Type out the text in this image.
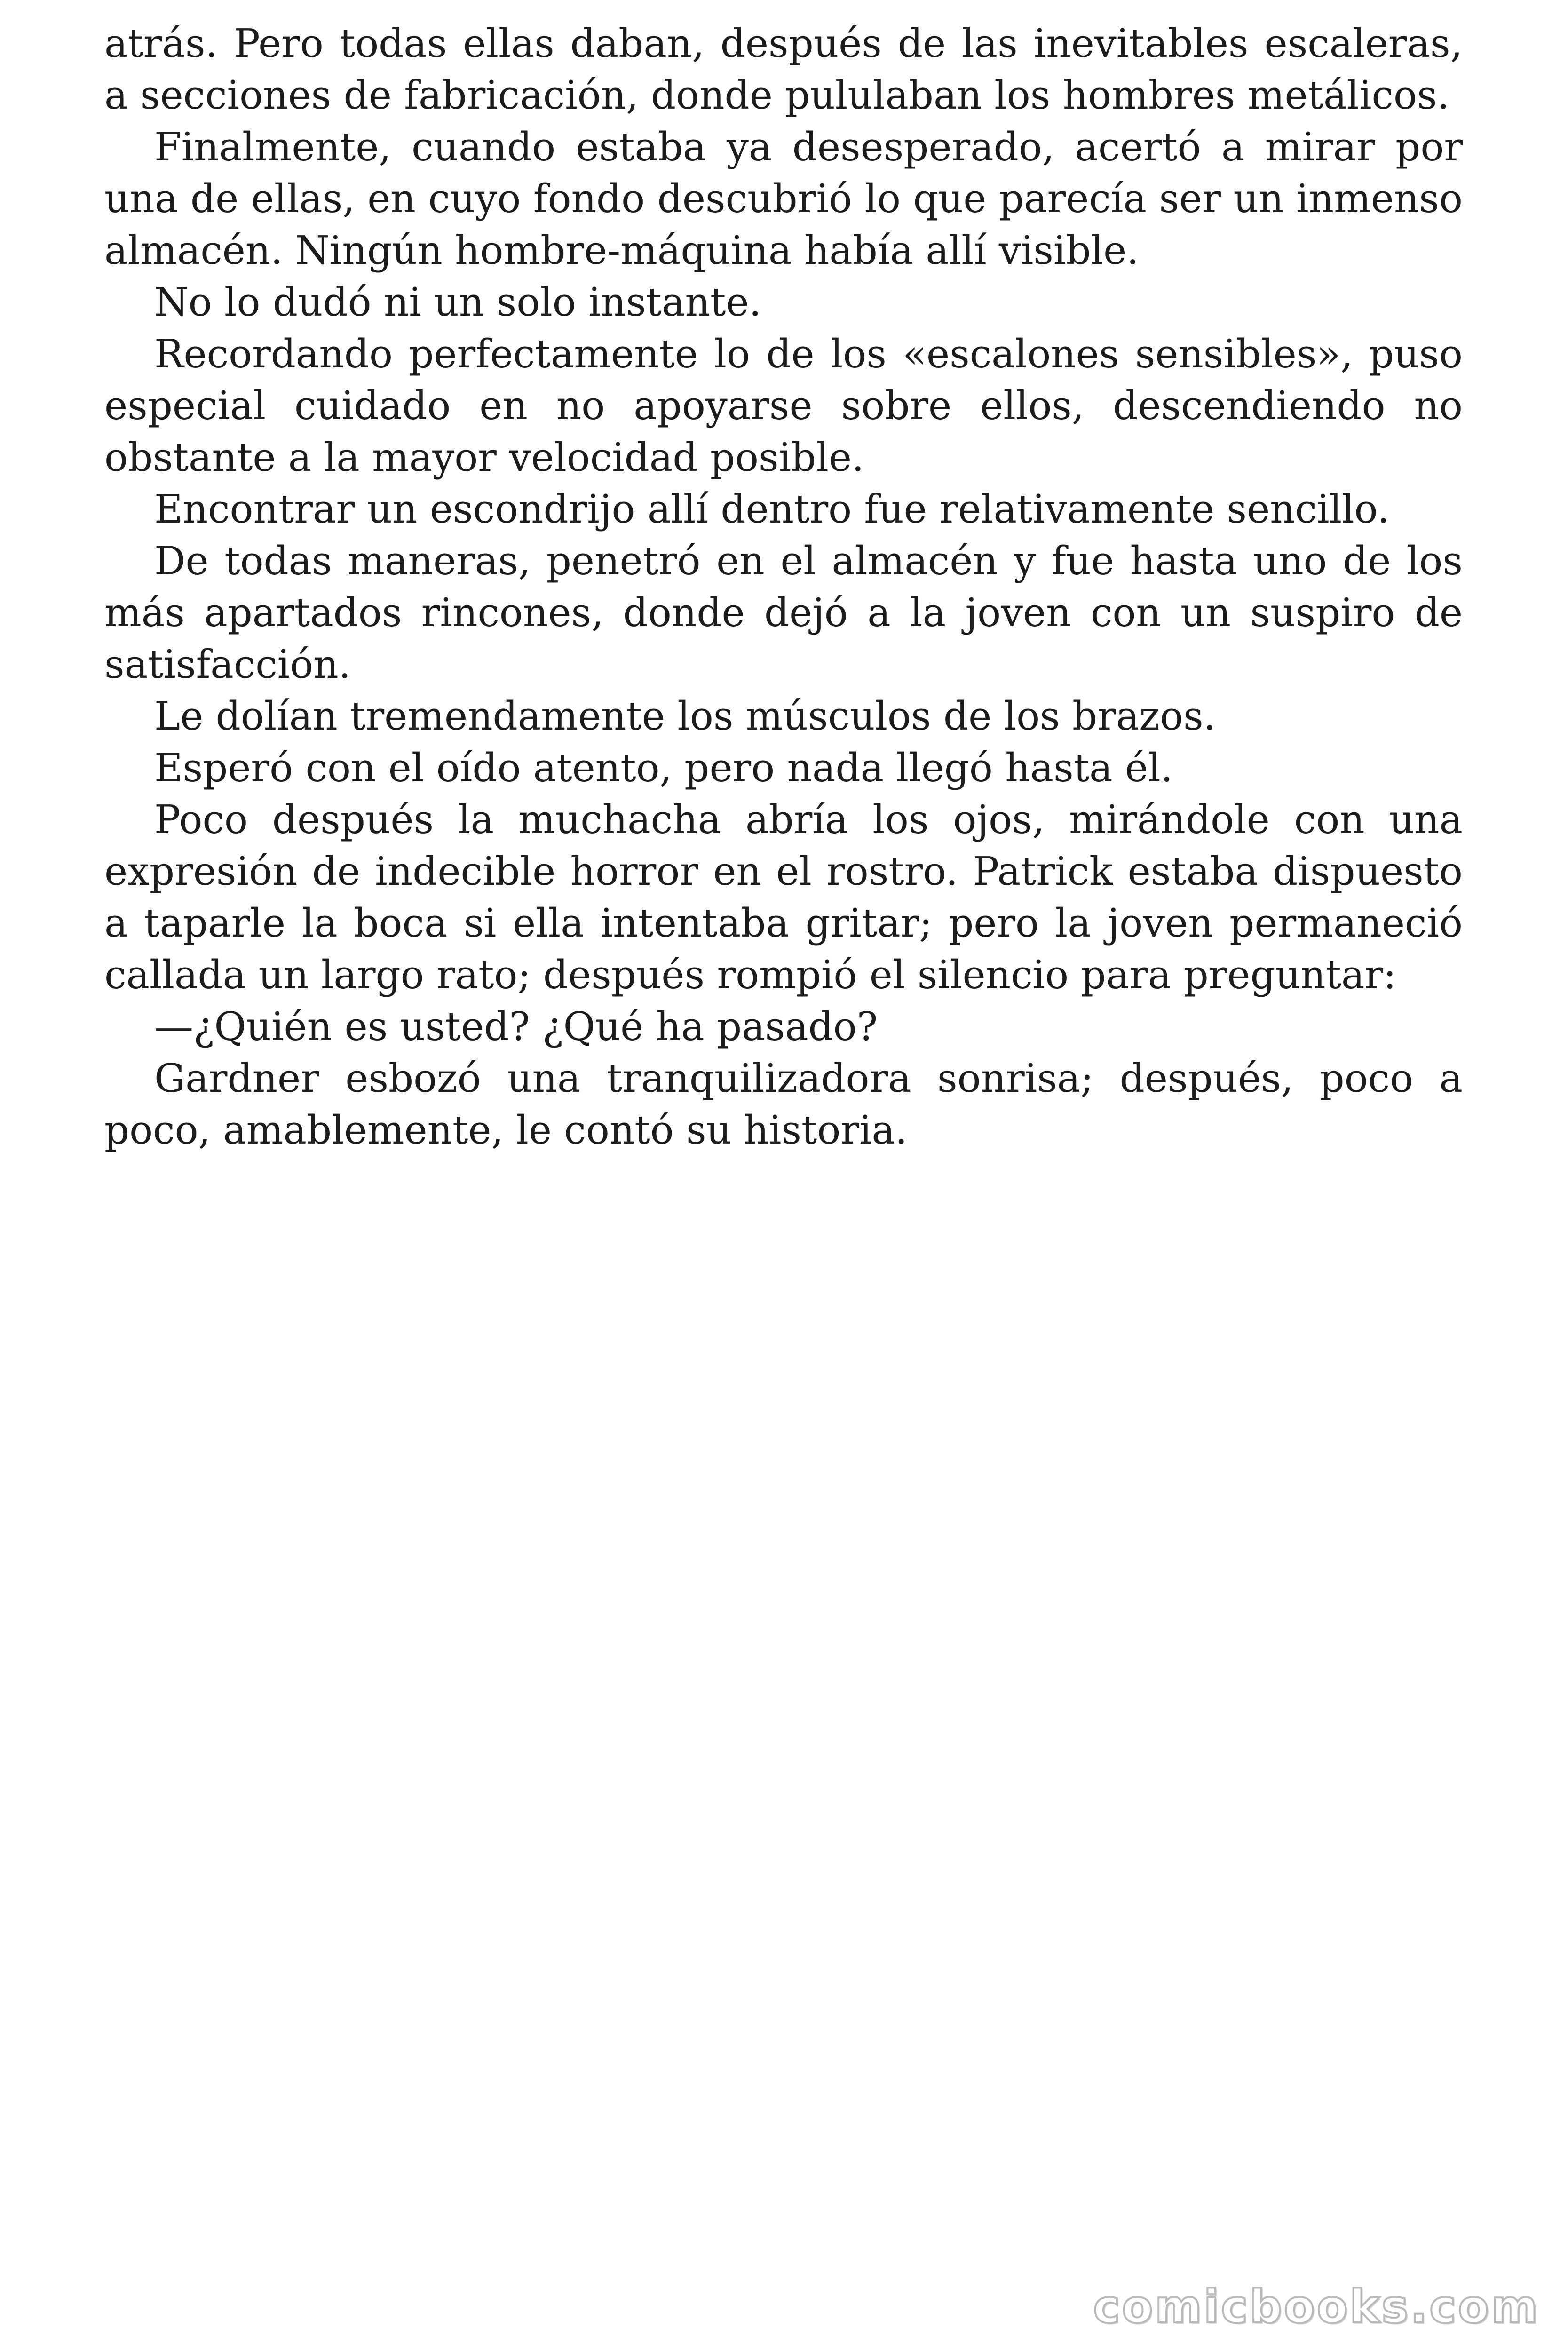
atrás. Pero todas ellas daban, después de las inevitables escaleras, a secciones de fabricación, donde pululaban los hombres metálicos.

Finalmente, cuando estaba ya desesperado, acertó a mirar por una de ellas, en cuyo fondo descubrió lo que parecía ser un inmenso almacén. Ningún hombre-máquina había allí visible.

No lo dudó ni un solo instante.

Recordando perfectamente lo de los «escalones sensibles», puso especial cuidado en no apoyarse sobre ellos, descendiendo no obstante a la mayor velocidad posible.

Encontrar un escondrijo allí dentro fue relativamente sencillo.

De todas maneras, penetró en el almacén y fue hasta uno de los más apartados rincones, donde dejó a la joven con un suspiro de satisfacción.

Le dolían tremendamente los músculos de los brazos.

Esperó con el oído atento, pero nada llegó hasta él.

Poco después la muchacha abría los ojos, mirándole con una expresión de indecible horror en el rostro. Patrick estaba dispuesto a taparle la boca si ella intentaba gritar; pero la joven permaneció callada un largo rato; después rompió el silencio para preguntar:

—¿Quién es usted? ¿Qué ha pasado?

Gardner esbozó una tranquilizadora sonrisa; después, poco a poco, amablemente, le contó su historia.

comicbooks.com
